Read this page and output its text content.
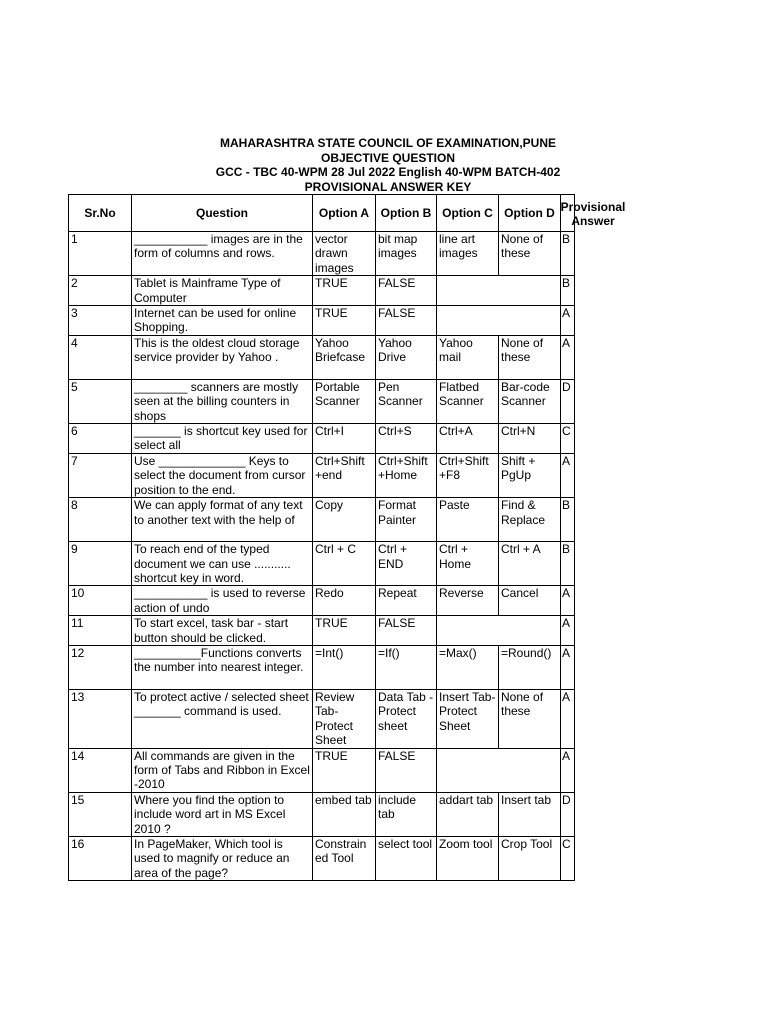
MAHARASHTRA STATE COUNCIL OF EXAMINATION,PUNE
OBJECTIVE QUESTION
GCC - TBC 40-WPM 28 Jul 2022 English 40-WPM BATCH-402
PROVISIONAL ANSWER KEY
Sr.No	Question	Option A	Option B	Option C	Option D	Provisional Answer

1	___________ images are in the form of columns and rows.	vector drawn images	bit map images	line art images	None of these	B
2	Tablet is Mainframe Type of Computer	TRUE	FALSE			B
3	Internet can be used for online Shopping.	TRUE	FALSE			A
4	This is the oldest cloud storage service provider by Yahoo .	Yahoo Briefcase	Yahoo Drive	Yahoo mail	None of these	A
5	________ scanners are mostly seen at the billing counters in shops	Portable Scanner	Pen Scanner	Flatbed Scanner	Bar-code Scanner	D
6	_______ is shortcut key used for select all	Ctrl+I	Ctrl+S	Ctrl+A	Ctrl+N	C
7	Use _____________ Keys to select the document from cursor position to the end.	Ctrl+Shift +end	Ctrl+Shift +Home	Ctrl+Shift +F8	Shift + PgUp	A
8	We can apply format of any text to another text with the help of	Copy	Format Painter	Paste	Find & Replace	B
9	To reach end of the typed document we can use ........... shortcut key in word.	Ctrl + C	Ctrl + END	Ctrl + Home	Ctrl + A	B
10	___________ is used to reverse action of undo	Redo	Repeat	Reverse	Cancel	A
11	To start excel, task bar - start button should be clicked.	TRUE	FALSE			A
12	__________Functions converts the number into nearest integer.	=Int()	=If()	=Max()	=Round()	A
13	To protect active / selected sheet _______ command is used.	Review Tab-Protect Sheet	Data Tab - Protect sheet	Insert Tab-Protect Sheet	None of these	A
14	All commands are given in the form of Tabs and Ribbon in Excel -2010	TRUE	FALSE			A
15	Where you find the option to include word art in MS Excel 2010 ?	embed tab	include tab	addart tab	Insert tab	D
16	In PageMaker, Which tool is used to magnify or reduce an area of the page?	Constrained Tool	select tool	Zoom tool	Crop Tool	C
